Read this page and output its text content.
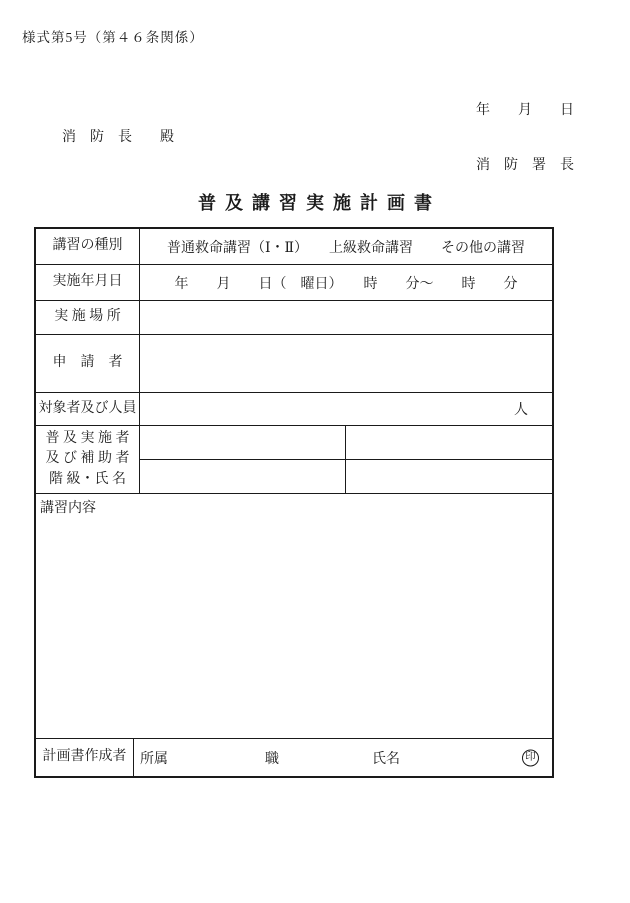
様式第5号（第４６条関係）
年　　月　　日
消　防　長　　殿
消　防　署　長
普及講習実施計画書
講習の種別	普通救命講習（Ⅰ・Ⅱ）　　上級救命講習　　その他の講習
実施年月日	年　　月　　日（　曜日）　　時　　分～　　時　　分
実 施 場 所
申　請　者
対象者及び人員	人
普 及 実 施 者
及 び 補 助 者
階 級・氏 名
講習内容
計画書作成者 所属	職	氏名	印
